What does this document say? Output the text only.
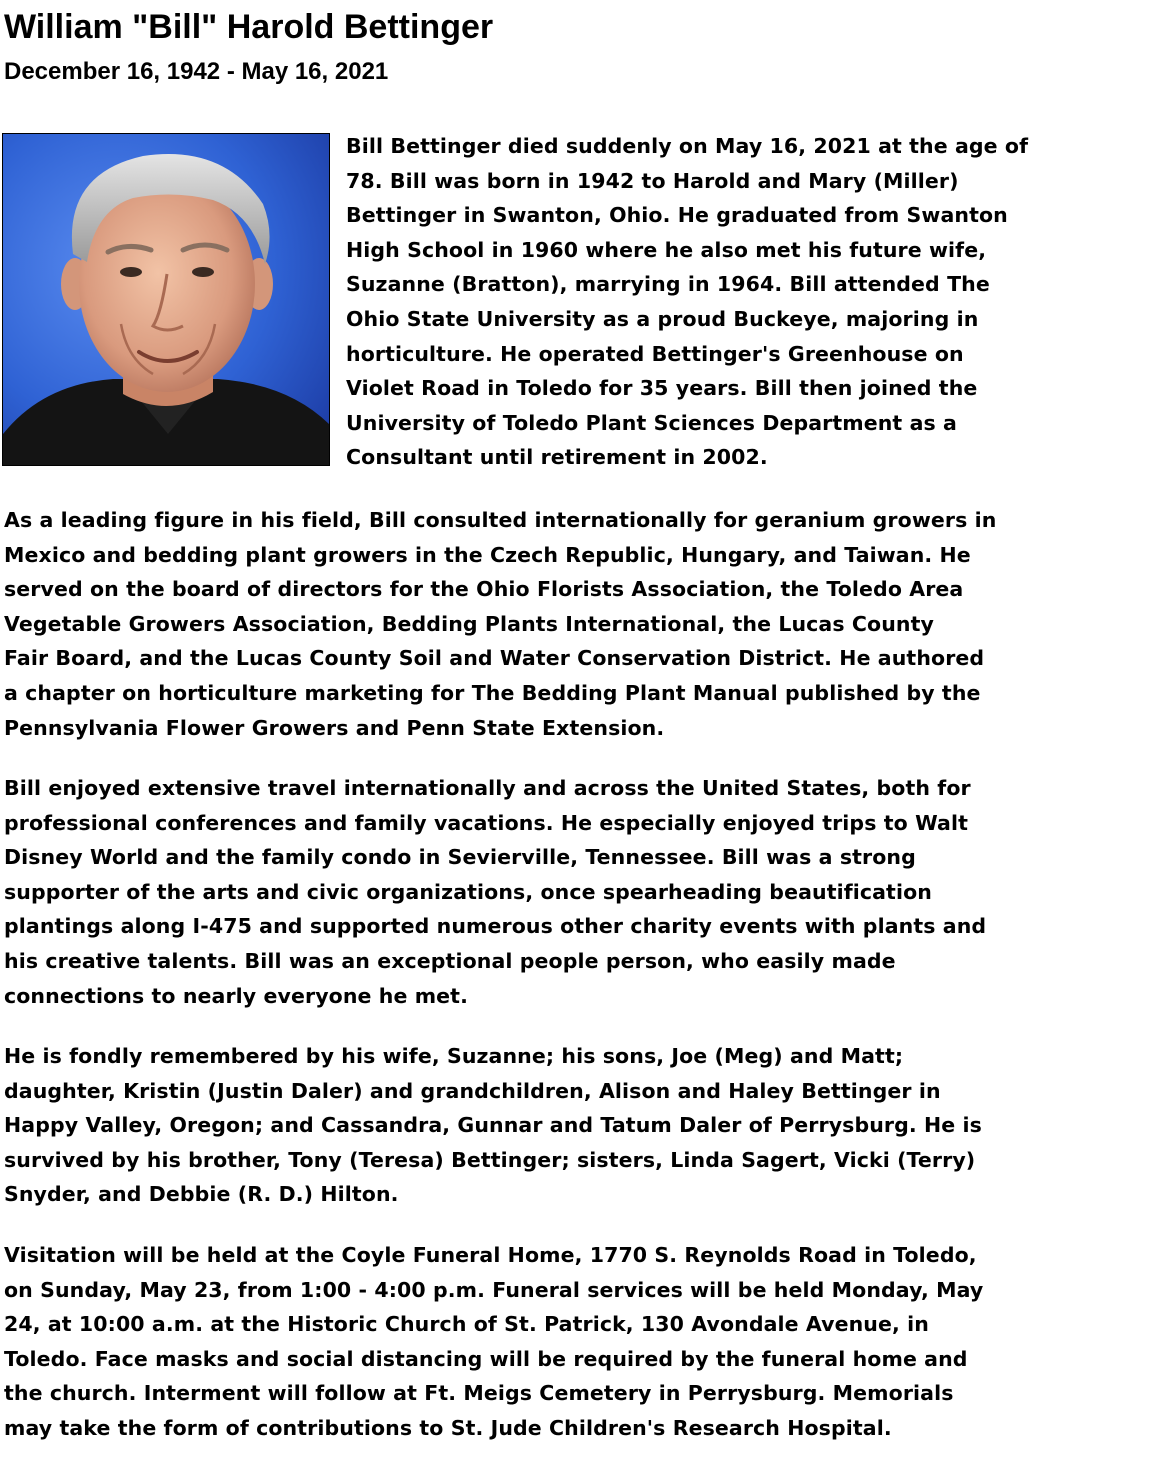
William "Bill" Harold Bettinger
December 16, 1942 - May 16, 2021

Bill Bettinger died suddenly on May 16, 2021 at the age of
78. Bill was born in 1942 to Harold and Mary (Miller)
Bettinger in Swanton, Ohio. He graduated from Swanton
High School in 1960 where he also met his future wife,
Suzanne (Bratton), marrying in 1964. Bill attended The
Ohio State University as a proud Buckeye, majoring in
horticulture. He operated Bettinger's Greenhouse on
Violet Road in Toledo for 35 years. Bill then joined the
University of Toledo Plant Sciences Department as a
Consultant until retirement in 2002.

As a leading figure in his field, Bill consulted internationally for geranium growers in
Mexico and bedding plant growers in the Czech Republic, Hungary, and Taiwan. He
served on the board of directors for the Ohio Florists Association, the Toledo Area
Vegetable Growers Association, Bedding Plants International, the Lucas County
Fair Board, and the Lucas County Soil and Water Conservation District. He authored
a chapter on horticulture marketing for The Bedding Plant Manual published by the
Pennsylvania Flower Growers and Penn State Extension.

Bill enjoyed extensive travel internationally and across the United States, both for
professional conferences and family vacations. He especially enjoyed trips to Walt
Disney World and the family condo in Sevierville, Tennessee. Bill was a strong
supporter of the arts and civic organizations, once spearheading beautification
plantings along I-475 and supported numerous other charity events with plants and
his creative talents. Bill was an exceptional people person, who easily made
connections to nearly everyone he met.

He is fondly remembered by his wife, Suzanne; his sons, Joe (Meg) and Matt;
daughter, Kristin (Justin Daler) and grandchildren, Alison and Haley Bettinger in
Happy Valley, Oregon; and Cassandra, Gunnar and Tatum Daler of Perrysburg. He is
survived by his brother, Tony (Teresa) Bettinger; sisters, Linda Sagert, Vicki (Terry)
Snyder, and Debbie (R. D.) Hilton.

Visitation will be held at the Coyle Funeral Home, 1770 S. Reynolds Road in Toledo,
on Sunday, May 23, from 1:00 - 4:00 p.m. Funeral services will be held Monday, May
24, at 10:00 a.m. at the Historic Church of St. Patrick, 130 Avondale Avenue, in
Toledo. Face masks and social distancing will be required by the funeral home and
the church. Interment will follow at Ft. Meigs Cemetery in Perrysburg. Memorials
may take the form of contributions to St. Jude Children's Research Hospital.
